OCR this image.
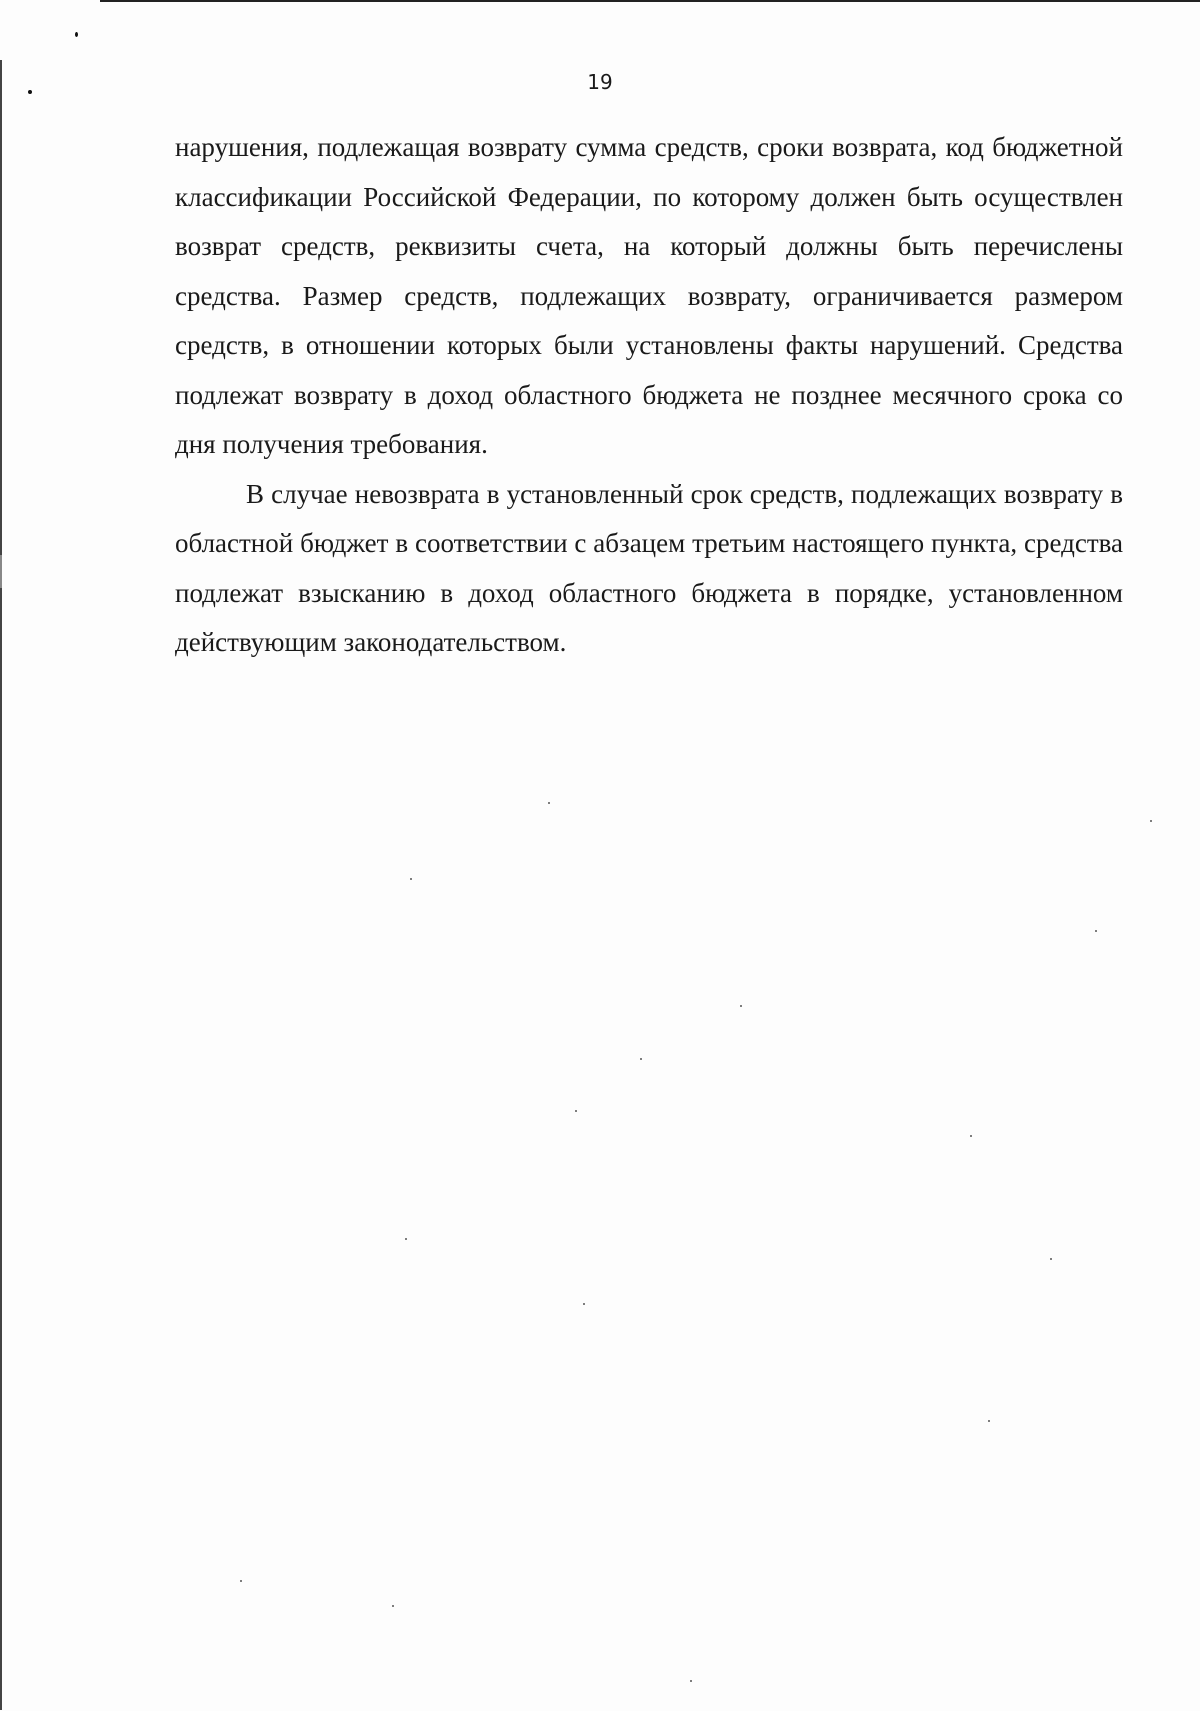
19

нарушения, подлежащая возврату сумма средств, сроки возврата, код бюджетной классификации Российской Федерации, по которому должен быть осуществлен возврат средств, реквизиты счета, на который должны быть перечислены средства. Размер средств, подлежащих возврату, ограничивается размером средств, в отношении которых были установлены факты нарушений. Средства подлежат возврату в доход областного бюджета не позднее месячного срока со дня получения требования.

В случае невозврата в установленный срок средств, подлежащих возврату в областной бюджет в соответствии с абзацем третьим настоящего пункта, средства подлежат взысканию в доход областного бюджета в порядке, установленном действующим законодательством.
